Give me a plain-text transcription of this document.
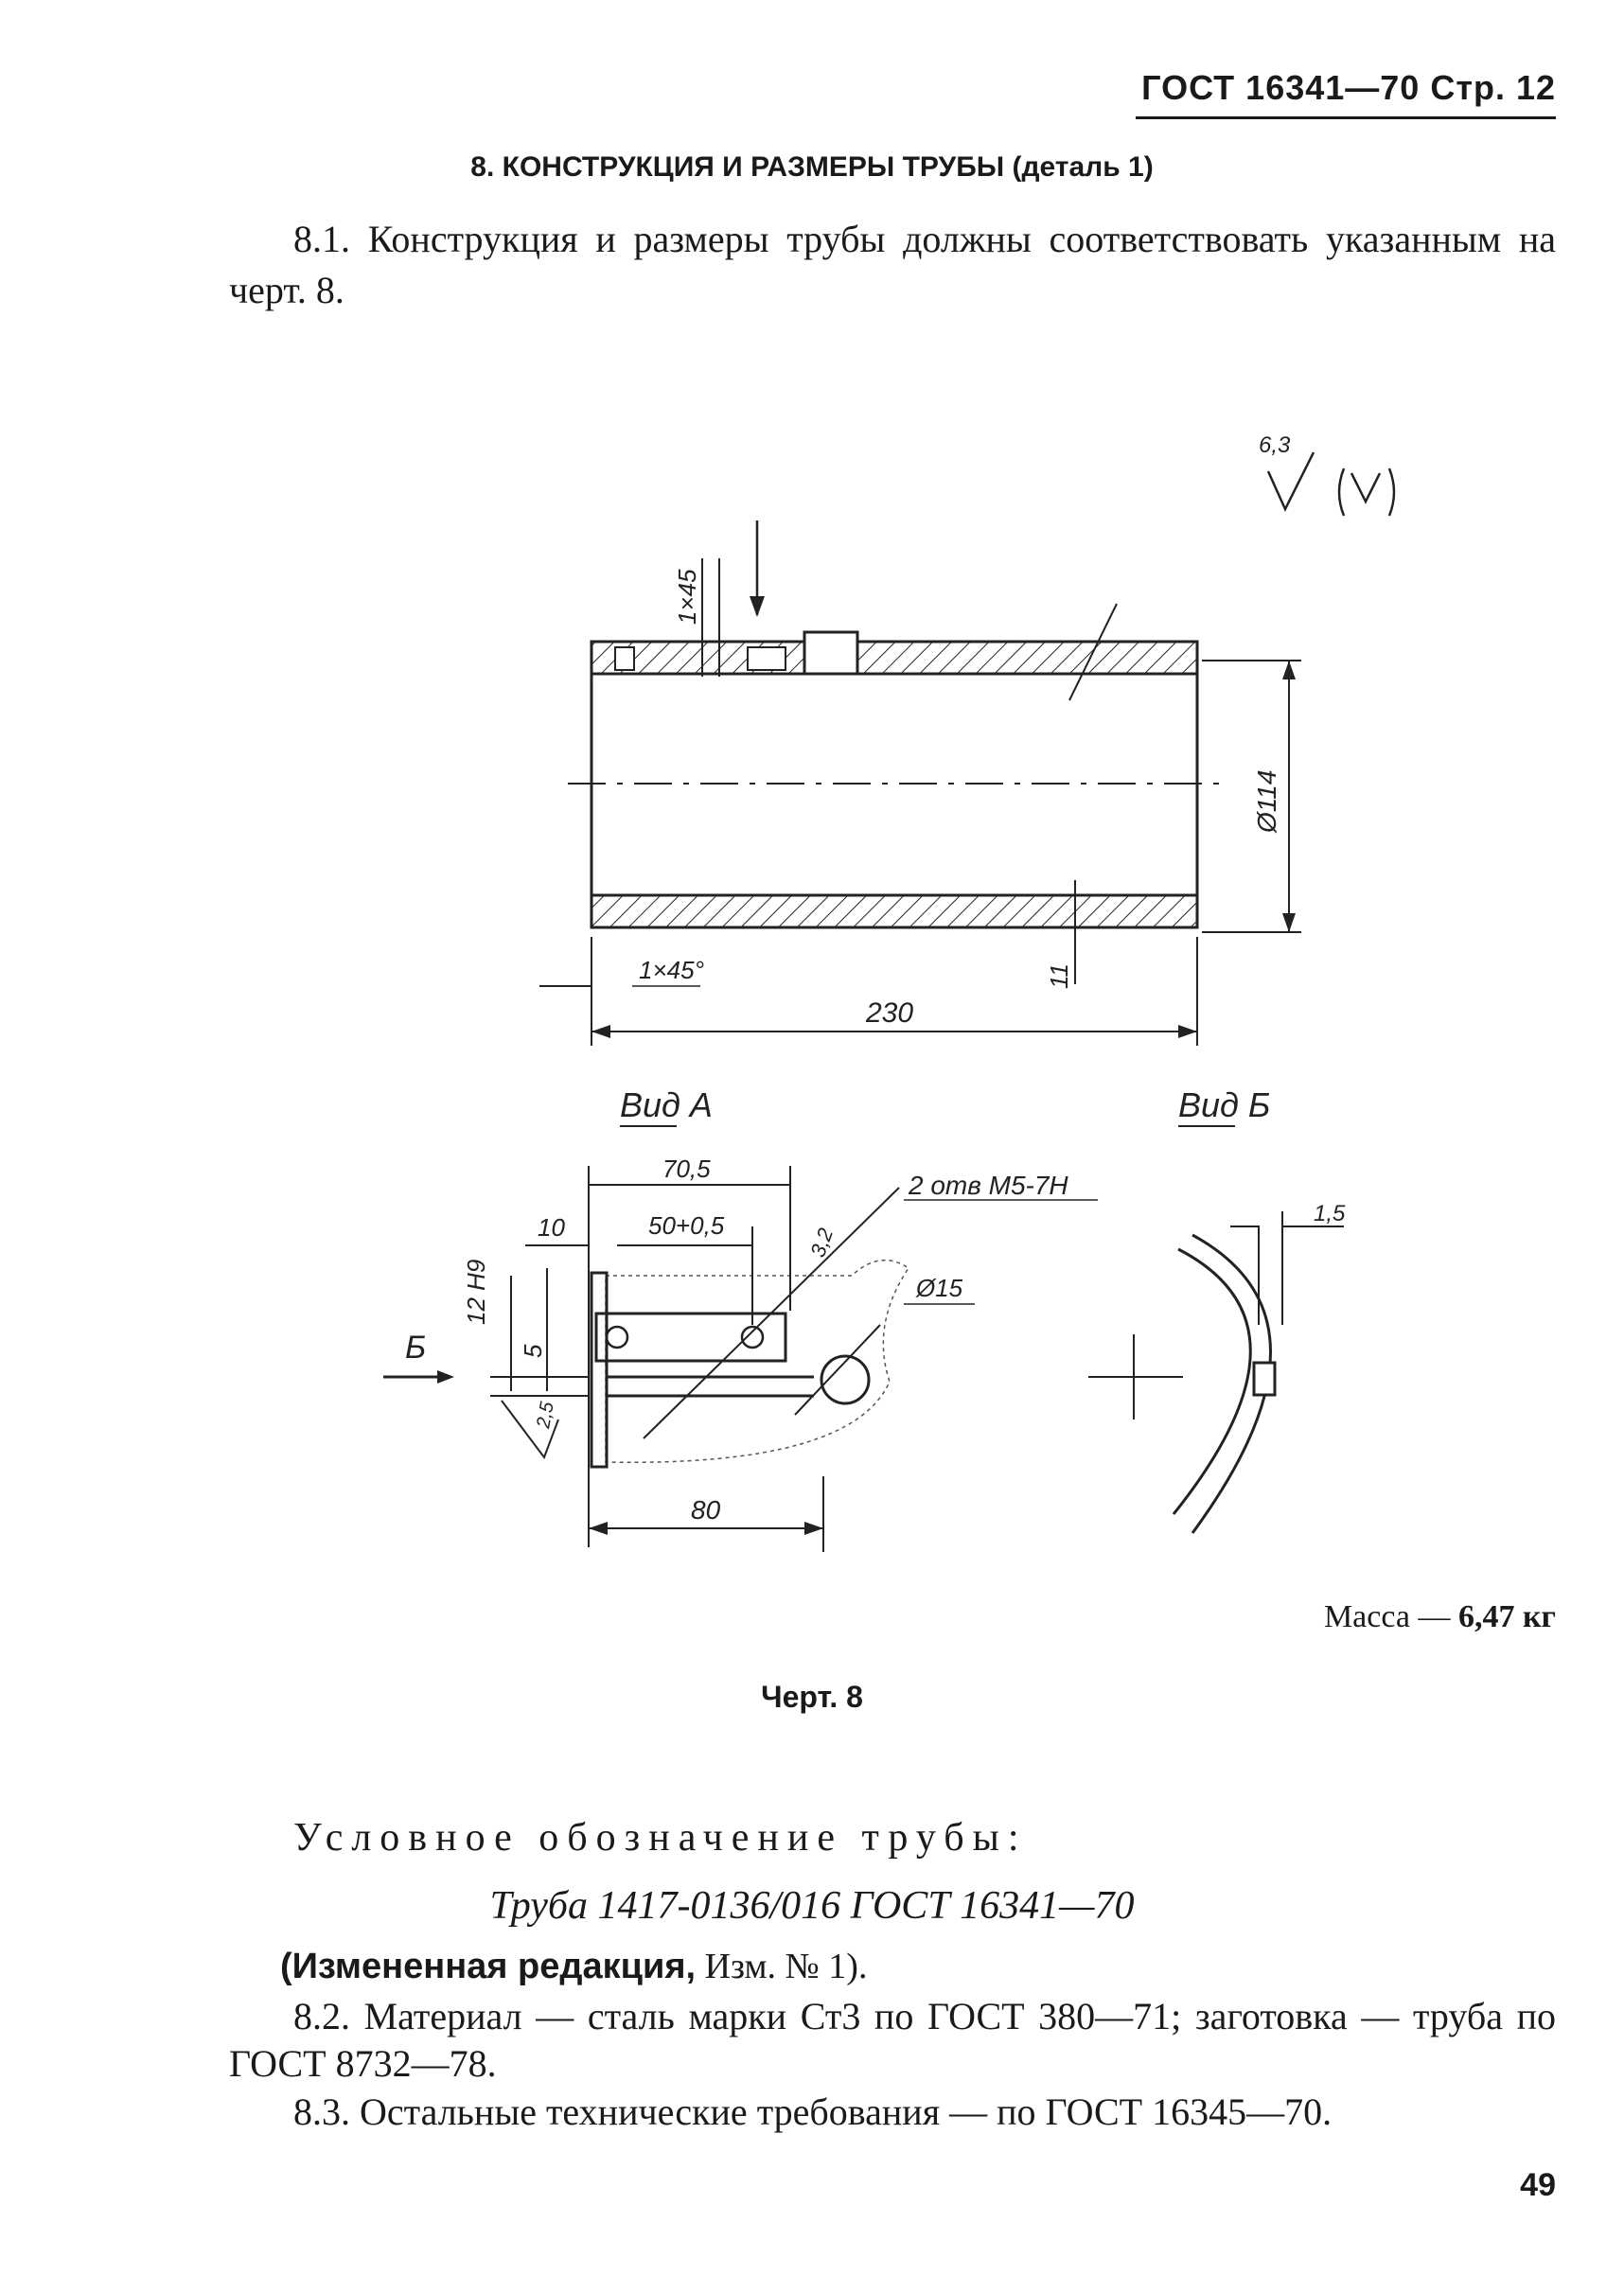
ГОСТ 16341—70 Стр. 12
8. КОНСТРУКЦИЯ И РАЗМЕРЫ ТРУБЫ (деталь 1)
8.1. Конструкция и размеры трубы должны соответствовать указанным на черт. 8.
6,3
1×45
Ø114
11
1×45°
230
Вид А	Вид Б
70,5
10	50+0,5	3,2
2 отв М5-7Н
Ø15
12 Н9
5
2,5
Б
80
1,5
Масса — 6,47 кг
Черт. 8
Условное обозначение трубы:
Труба 1417-0136/016 ГОСТ 16341—70
(Измененная редакция, Изм. № 1).
8.2. Материал — сталь марки Ст3 по ГОСТ 380—71; заготовка — труба по ГОСТ 8732—78.
8.3. Остальные технические требования — по ГОСТ 16345—70.
49
